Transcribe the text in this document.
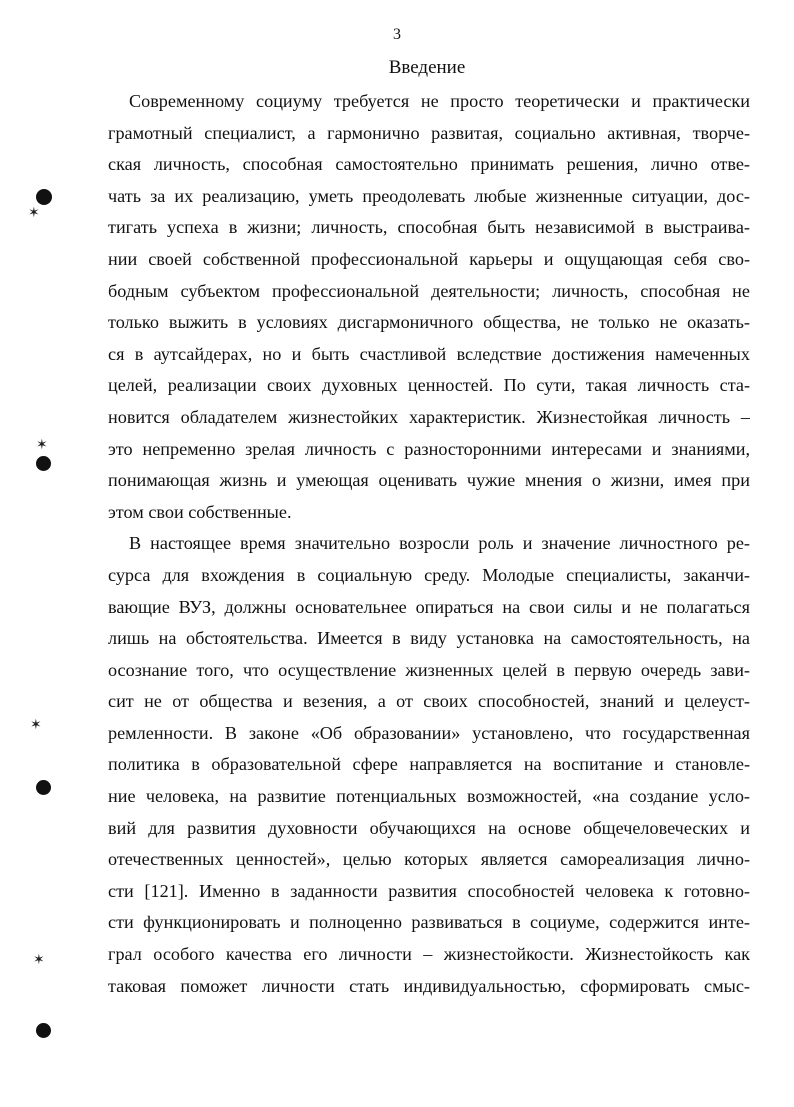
3
Введение
Современному социуму требуется не просто теоретически и практически
грамотный специалист, а гармонично развитая, социально активная, творче-
ская личность, способная самостоятельно принимать решения, лично отве-
чать за их реализацию, уметь преодолевать любые жизненные ситуации, дос-
тигать успеха в жизни; личность, способная быть независимой в выстраива-
нии своей собственной профессиональной карьеры и ощущающая себя сво-
бодным субъектом профессиональной деятельности; личность, способная не
только выжить в условиях дисгармоничного общества, не только не оказать-
ся в аутсайдерах, но и быть счастливой вследствие достижения намеченных
целей, реализации своих духовных ценностей. По сути, такая личность ста-
новится обладателем жизнестойких характеристик. Жизнестойкая личность –
это непременно зрелая личность с разносторонними интересами и знаниями,
понимающая жизнь и умеющая оценивать чужие мнения о жизни, имея при
этом свои собственные.
В настоящее время значительно возросли роль и значение личностного ре-
сурса для вхождения в социальную среду. Молодые специалисты, заканчи-
вающие ВУЗ, должны основательнее опираться на свои силы и не полагаться
лишь на обстоятельства. Имеется в виду установка на самостоятельность, на
осознание того, что осуществление жизненных целей в первую очередь зави-
сит не от общества и везения, а от своих способностей, знаний и целеуст-
ремленности. В законе «Об образовании» установлено, что государственная
политика в образовательной сфере направляется на воспитание и становле-
ние человека, на развитие потенциальных возможностей, «на создание усло-
вий для развития духовности обучающихся на основе общечеловеческих и
отечественных ценностей», целью которых является самореализация лично-
сти [121]. Именно в заданности развития способностей человека к готовно-
сти функционировать и полноценно развиваться в социуме, содержится инте-
грал особого качества его личности – жизнестойкости. Жизнестойкость как
таковая поможет личности стать индивидуальностью, сформировать смыс-
✶
✶
✶
✶
